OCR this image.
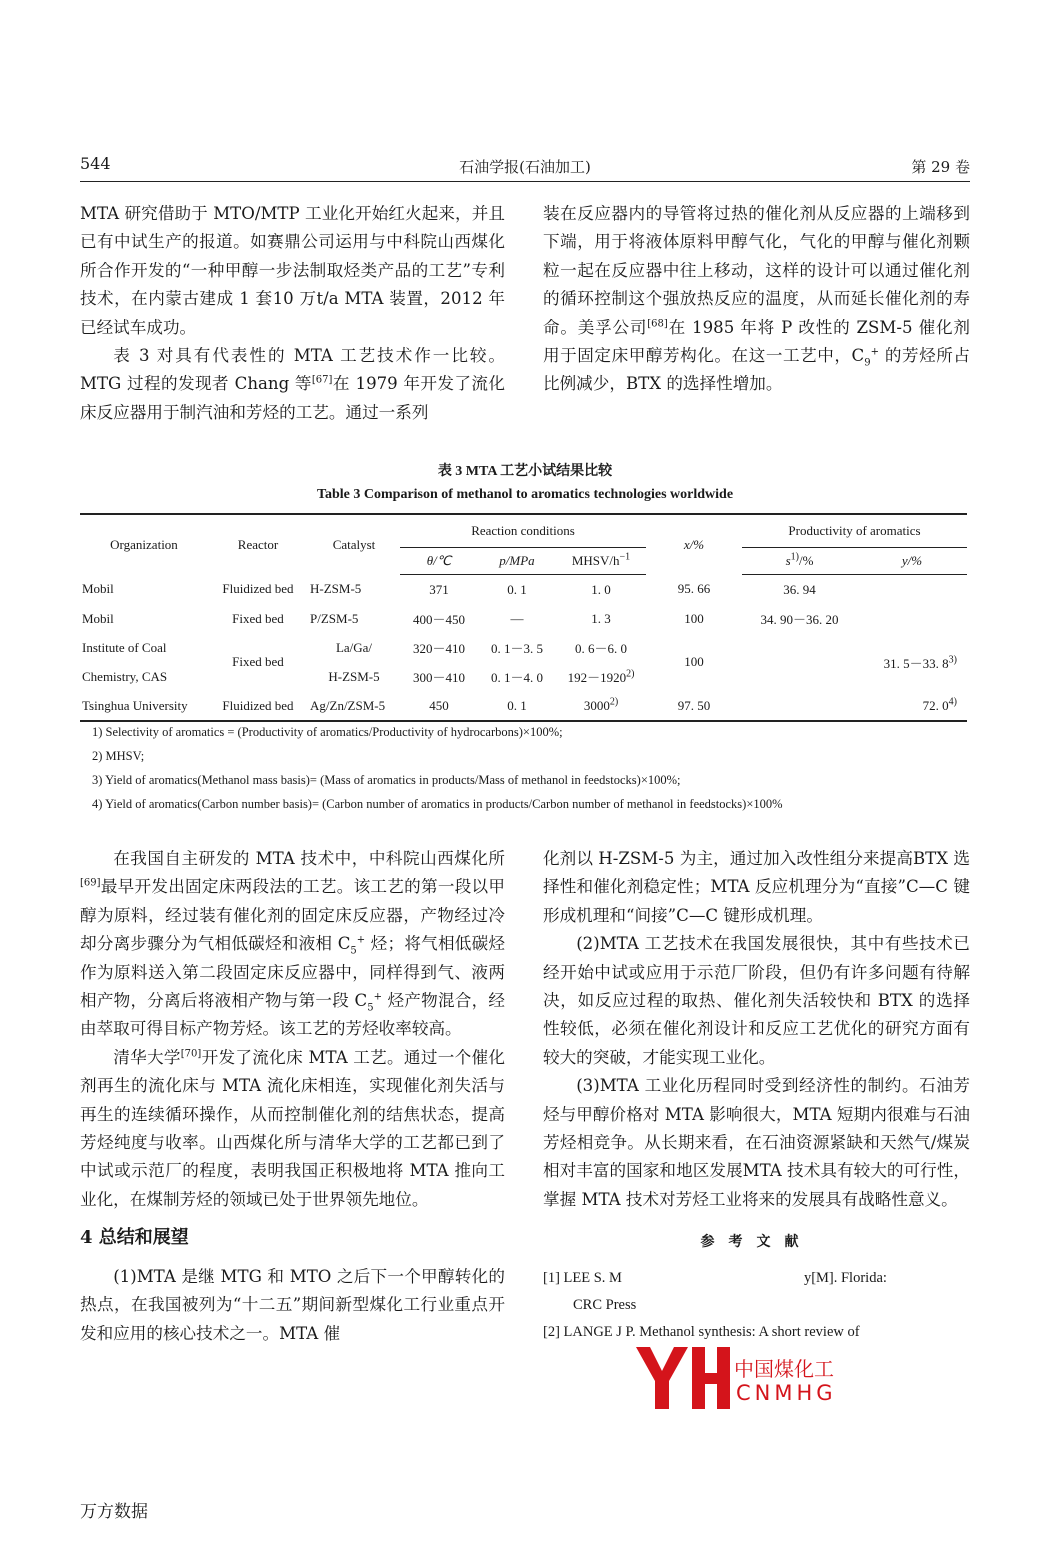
544	石油学报(石油加工)	第 29 卷

MTA 研究借助于 MTO/MTP 工业化开始红火起来，并且已有中试生产的报道。如赛鼎公司运用与中科院山西煤化所合作开发的“一种甲醇一步法制取烃类产品的工艺”专利技术，在内蒙古建成 1 套10 万t/a MTA 装置，2012 年已经试车成功。

表 3 对具有代表性的 MTA 工艺技术作一比较。MTG 过程的发现者 Chang 等[67]在 1979 年开发了流化床反应器用于制汽油和芳烃的工艺。通过一系列

装在反应器内的导管将过热的催化剂从反应器的上端移到下端，用于将液体原料甲醇气化，气化的甲醇与催化剂颗粒一起在反应器中往上移动，这样的设计可以通过催化剂的循环控制这个强放热反应的温度，从而延长催化剂的寿命。美孚公司[68]在 1985 年将 P 改性的 ZSM-5 催化剂用于固定床甲醇芳构化。在这一工艺中，$C_9^+$ 的芳烃所占比例减少，BTX 的选择性增加。

表 3 MTA 工艺小试结果比较
Table 3 Comparison of methanol to aromatics technologies worldwide
Organization	Reactor	Catalyst	Reaction conditions			x/%	Productivity of aromatics	
			θ/℃	p/MPa	MHSV/$h^{-1}$		$s^{1)}/\%$	y/%
Mobil	Fluidized bed	H-ZSM-5	371	0. 1	1. 0	95. 66	36. 94	
Mobil	Fixed bed	P/ZSM-5	400－450	—	1. 3	100	34. 90－36. 20	
Institute of Coal	Fixed bed	La/Ga/	320－410	0. 1－3. 5	0. 6－6. 0	100		31. 5－33. 8$^{3)}$
Chemistry, CAS		H-ZSM-5	300－410	0. 1－4. 0	$192-1920^{2)}$
Tsinghua University	Fluidized bed	Ag/Zn/ZSM-5	450	0. 1	3000$^{2)}$	97. 50		72. 0$^{4)}$
1) Selectivity of aromatics = (Productivity of aromatics/Productivity of hydrocarbons)×100%;
2) MHSV;
3) Yield of aromatics(Methanol mass basis)= (Mass of aromatics in products/Mass of methanol in feedstocks)×100%;
4) Yield of aromatics(Carbon number basis)= (Carbon number of aromatics in products/Carbon number of methanol in feedstocks)×100%

在我国自主研发的 MTA 技术中，中科院山西煤化所[69]最早开发出固定床两段法的工艺。该工艺的第一段以甲醇为原料，经过装有催化剂的固定床反应器，产物经过冷却分离步骤分为气相低碳烃和液相 $C_5^+$ 烃；将气相低碳烃作为原料送入第二段固定床反应器中，同样得到气、液两相产物，分离后将液相产物与第一段 $C_5^+$ 烃产物混合，经由萃取可得目标产物芳烃。该工艺的芳烃收率较高。

清华大学[70]开发了流化床 MTA 工艺。通过一个催化剂再生的流化床与 MTA 流化床相连，实现催化剂失活与再生的连续循环操作，从而控制催化剂的结焦状态，提高芳烃纯度与收率。山西煤化所与清华大学的工艺都已到了中试或示范厂的程度，表明我国正积极地将 MTA 推向工业化，在煤制芳烃的领域已处于世界领先地位。

4 总结和展望

(1)MTA 是继 MTG 和 MTO 之后下一个甲醇转化的热点，在我国被列为“十二五”期间新型煤化工行业重点开发和应用的核心技术之一。MTA 催

化剂以 H-ZSM-5 为主，通过加入改性组分来提高BTX 选择性和催化剂稳定性；MTA 反应机理分为“直接”C—C 键形成机理和“间接”C—C 键形成机理。

(2)MTA 工艺技术在我国发展很快，其中有些技术已经开始中试或应用于示范厂阶段，但仍有许多问题有待解决，如反应过程的取热、催化剂失活较快和 BTX 的选择性较低，必须在催化剂设计和反应工艺优化的研究方面有较大的突破，才能实现工业化。

(3)MTA 工业化历程同时受到经济性的制约。石油芳烃与甲醇价格对 MTA 影响很大，MTA 短期内很难与石油芳烃相竞争。从长期来看，在石油资源紧缺和天然气/煤炭相对丰富的国家和地区发展MTA 技术具有较大的可行性，掌握 MTA 技术对芳烃工业将来的发展具有战略性意义。

参考文献
[1] LEE S. M	y[M]. Florida:
CRC Press
[2] LANGE J P. Methanol synthesis: A short review of
中国煤化工
CNMHG
万方数据
